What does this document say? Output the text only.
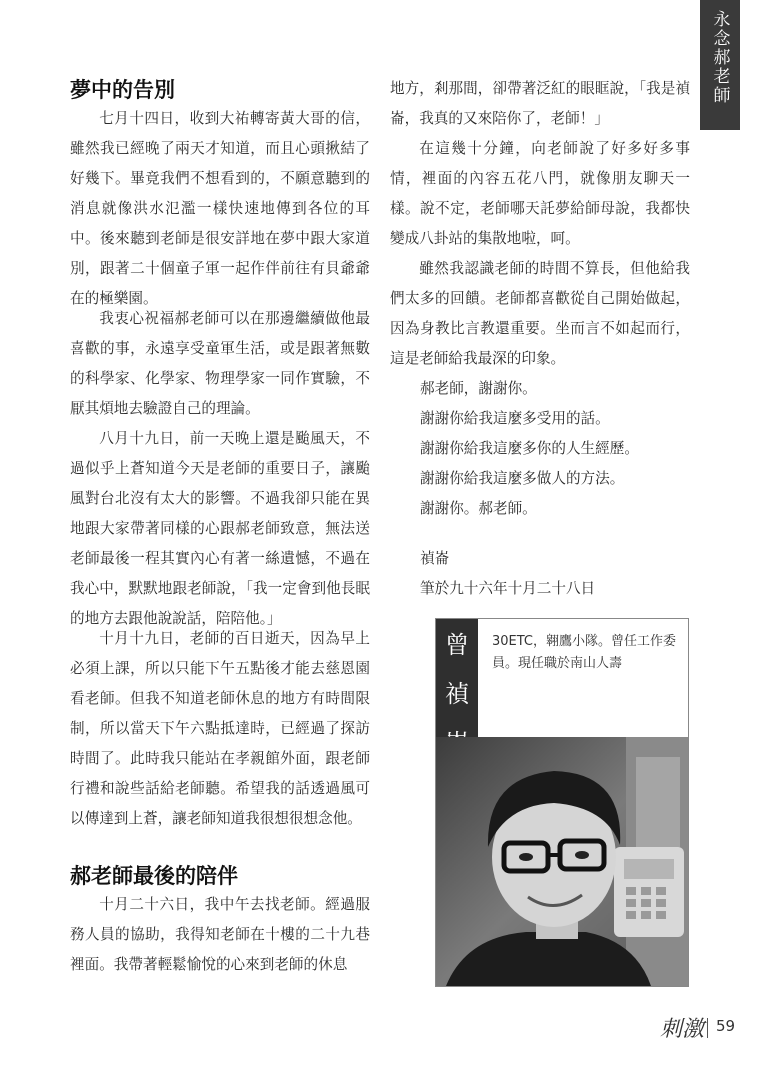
永念郝老師
夢中的告別

七月十四日，收到大祐轉寄黃大哥的信，雖然我已經晚了兩天才知道，而且心頭揪結了好幾下。畢竟我們不想看到的，不願意聽到的消息就像洪水氾濫一樣快速地傳到各位的耳中。後來聽到老師是很安詳地在夢中跟大家道別，跟著二十個童子軍一起作伴前往有貝爺爺在的極樂園。

我衷心祝福郝老師可以在那邊繼續做他最喜歡的事，永遠享受童軍生活，或是跟著無數的科學家、化學家、物理學家一同作實驗，不厭其煩地去驗證自己的理論。

八月十九日，前一天晚上還是颱風天，不過似乎上蒼知道今天是老師的重要日子，讓颱風對台北沒有太大的影響。不過我卻只能在異地跟大家帶著同樣的心跟郝老師致意，無法送老師最後一程其實內心有著一絲遺憾，不過在我心中，默默地跟老師說，「我一定會到他長眠的地方去跟他說說話，陪陪他。」

十月十九日，老師的百日逝天，因為早上必須上課，所以只能下午五點後才能去慈恩園看老師。但我不知道老師休息的地方有時間限制，所以當天下午六點抵達時，已經過了探訪時間了。此時我只能站在孝親館外面，跟老師行禮和說些話給老師聽。希望我的話透過風可以傳達到上蒼，讓老師知道我很想很想念他。

郝老師最後的陪伴

十月二十六日，我中午去找老師。經過服務人員的協助，我得知老師在十樓的二十九巷裡面。我帶著輕鬆愉悅的心來到老師的休息

地方，剎那間，卻帶著泛紅的眼眶說，「我是禎崙，我真的又來陪你了，老師！」

在這幾十分鐘，向老師說了好多好多事情，裡面的內容五花八門，就像朋友聊天一樣。說不定，老師哪天託夢給師母說，我都快變成八卦站的集散地啦，呵。

雖然我認識老師的時間不算長，但他給我們太多的回饋。老師都喜歡從自己開始做起，因為身教比言教還重要。坐而言不如起而行，這是老師給我最深的印象。

郝老師，謝謝你。

謝謝你給我這麼多受用的話。

謝謝你給我這麼多你的人生經歷。

謝謝你給我這麼多做人的方法。

謝謝你。郝老師。

禎崙

筆於九十六年十月二十八日

曾
禎
30ETC，翱鷹小隊。曾任工作委員。現任職於南山人壽
刺激 59
